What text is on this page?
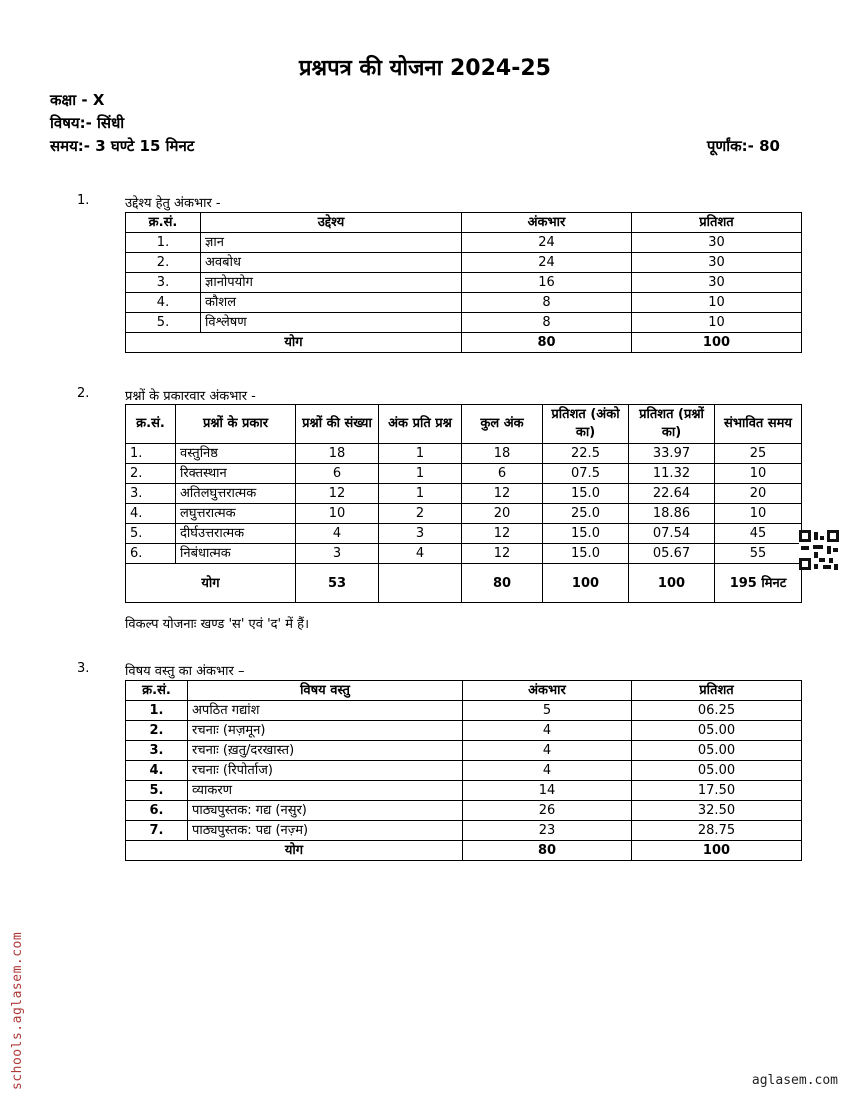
प्रश्नपत्र की योजना 2024-25
कक्षा - X
विषय:- सिंधी
समय:- 3 घण्टे 15 मिनट	पूर्णांक:- 80
1.	उद्देश्य हेतु अंकभार -
क्र.सं.	उद्देश्य	अंकभार	प्रतिशत
1.	ज्ञान	24	30
2.	अवबोध	24	30
3.	ज्ञानोपयोग	16	30
4.	कौशल	8	10
5.	विश्लेषण	8	10
योग		80	100
2.	प्रश्नों के प्रकारवार अंकभार -
क्र.सं.	प्रश्नों के प्रकार	प्रश्नों की संख्या	अंक प्रति प्रश्न	कुल अंक	प्रतिशत (अंको का)	प्रतिशत (प्रश्नों का)	संभावित समय
1.	वस्तुनिष्ठ	18	1	18	22.5	33.97	25
2.	रिक्तस्थान	6	1	6	07.5	11.32	10
3.	अतिलघुत्तरात्मक	12	1	12	15.0	22.64	20
4.	लघुत्तरात्मक	10	2	20	25.0	18.86	10
5.	दीर्घउत्तरात्मक	4	3	12	15.0	07.54	45
6.	निबंधात्मक	3	4	12	15.0	05.67	55
योग		53		80	100	100	195 मिनट
विकल्प योजनाः खण्ड 'स' एवं 'द' में हैं।
3.	विषय वस्तु का अंकभार –
क्र.सं.	विषय वस्तु	अंकभार	प्रतिशत
1.	अपठित गद्यांश	5	06.25
2.	रचनाः (मज़मून)	4	05.00
3.	रचनाः (ख़तु/दरखास्त)	4	05.00
4.	रचनाः (रिपोर्ताज)	4	05.00
5.	व्याकरण	14	17.50
6.	पाठ्यपुस्तक: गद्य (नसुर)	26	32.50
7.	पाठ्यपुस्तक: पद्य (नज़्म)	23	28.75
योग		80	100
schools.aglasem.com	aglasem.com
